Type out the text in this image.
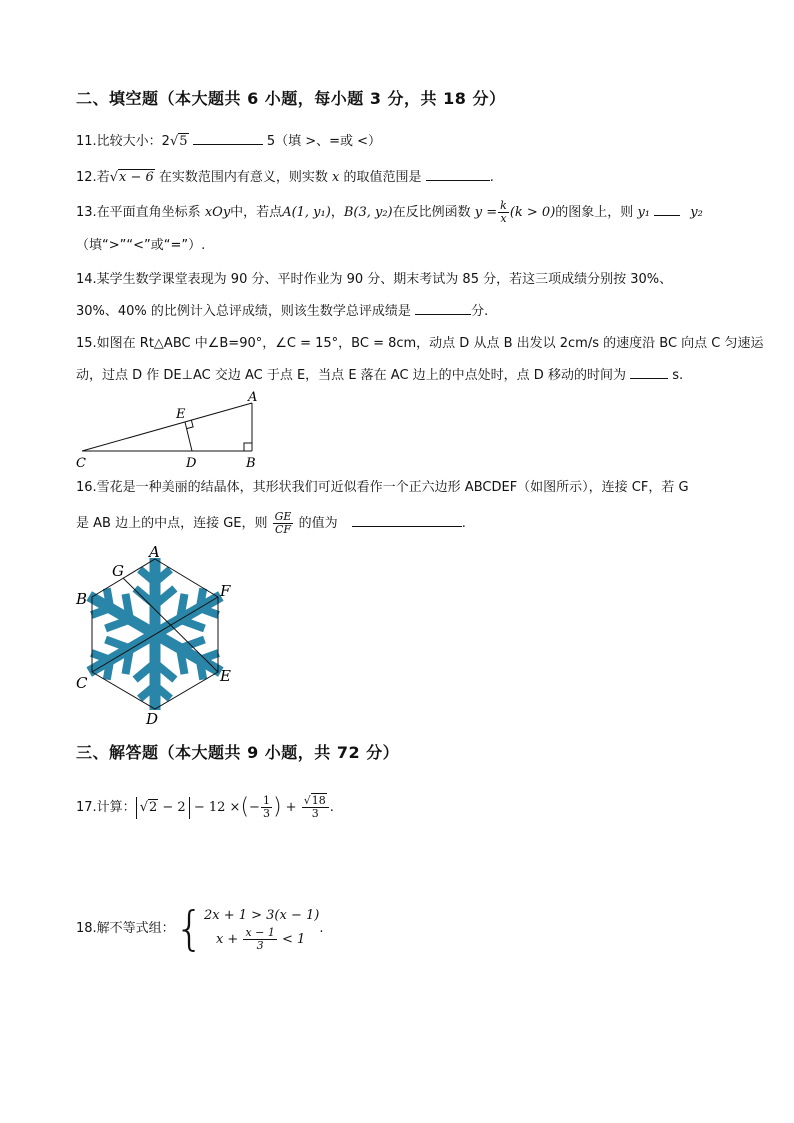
二、填空题（本大题共 6 小题，每小题 3 分，共 18 分）
11.比较大小：2√5	5（填 >、=或 <）
12.若√x − 6 在实数范围内有意义，则实数 x 的取值范围是	.
13.在平面直角坐标系 xOy中，若点A(1, y₁)，B(3, y₂)在反比例函数 $y = \frac{k}{x} (k > 0)$的图象上，则 y₁	y₂
（填“>”“<”或“=”）.
14.某学生数学课堂表现为 90 分、平时作业为 90 分、期末考试为 85 分，若这三项成绩分别按 30%、
30%、40% 的比例计入总评成绩，则该生数学总评成绩是	分.
15.如图在 Rt△ABC 中∠B=90°，∠C = 15°，BC = 8cm，动点 D 从点 B 出发以 2cm/s 的速度沿 BC 向点 C 匀速运
动，过点 D 作 DE⊥AC 交边 AC 于点 E，当点 E 落在 AC 边上的中点处时，点 D 移动的时间为	s.
A
B
C	D
E
16.雪花是一种美丽的结晶体，其形状我们可近似看作一个正六边形 ABCDEF（如图所示），连接 CF，若 G
是 AB 边上的中点，连接 GE，则 $\frac{GE}{CF}$ 的值为	.
A
B
C
D
E
F
G
三、解答题（本大题共 9 小题，共 72 分）
17.计算： √2 − 2 − 12 ×(− $\frac{1}{3}$ ) + $\frac{√18}{3}$ .
18.解不等式组：{ 2x + 1 > 3(x − 1)
$x + \frac{x - 1}{3} < 1$
.
